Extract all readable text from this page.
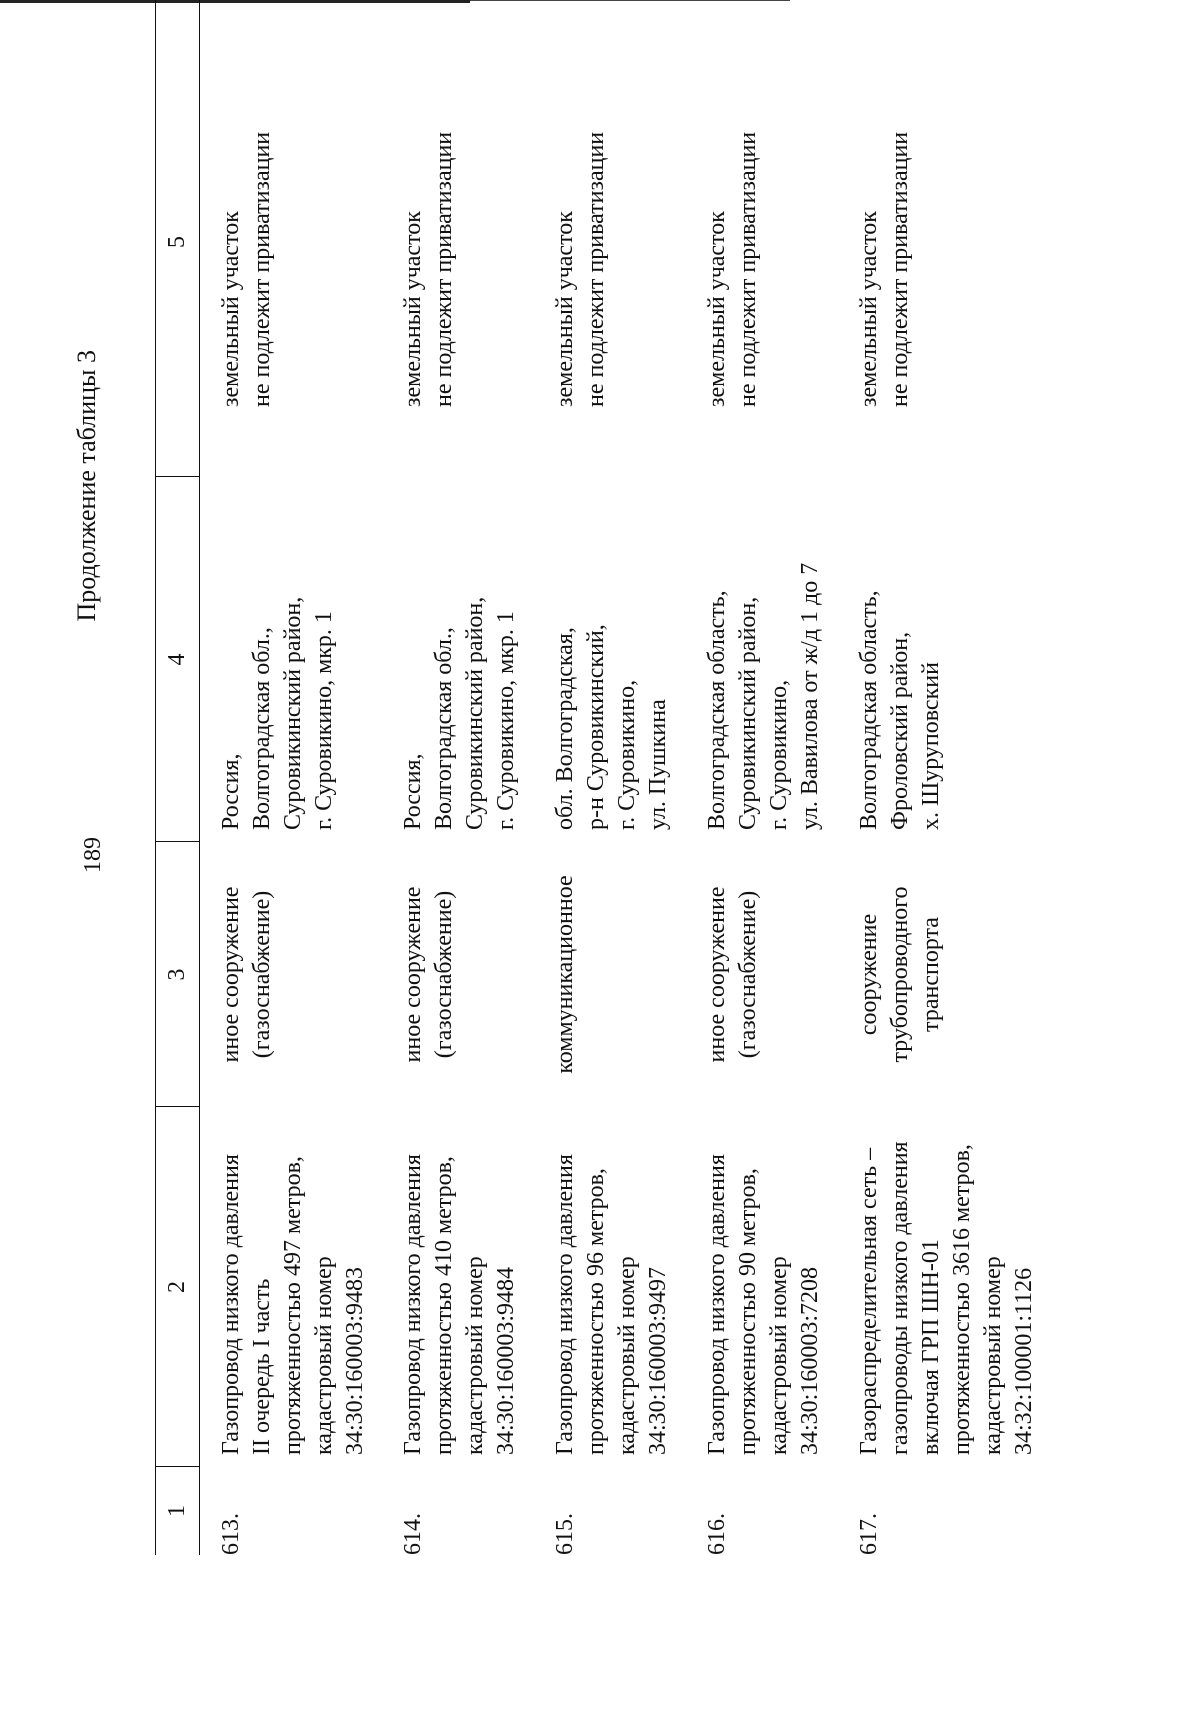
189
Продолжение таблицы 3
1
2
3
4
5
613.
Газопровод низкого давления II очередь I часть протяженностью 497 метров, кадастровый номер 34:30:160003:9483
иное сооружение (газоснабжение)
Россия, Волгоградская обл., Суровикинский район, г. Суровикино, мкр. 1
земельный участок не подлежит приватизации
614.
Газопровод низкого давления протяженностью 410 метров, кадастровый номер 34:30:160003:9484
иное сооружение (газоснабжение)
Россия, Волгоградская обл., Суровикинский район, г. Суровикино, мкр. 1
земельный участок не подлежит приватизации
615.
Газопровод низкого давления протяженностью 96 метров, кадастровый номер 34:30:160003:9497
коммуникационное
обл. Волгоградская, р-н Суровикинский, г. Суровикино, ул. Пушкина
земельный участок не подлежит приватизации
616.
Газопровод низкого давления протяженностью 90 метров, кадастровый номер 34:30:160003:7208
иное сооружение (газоснабжение)
Волгоградская область, Суровикинский район, г. Суровикино, ул. Вавилова от ж/д 1 до 7
земельный участок не подлежит приватизации
617.
Газораспределительная сеть – газопроводы низкого давления включая ГРП ШН-01 протяженностью 3616 метров, кадастровый номер 34:32:100001:1126
сооружение трубопроводного транспорта
Волгоградская область, Фроловский район, х. Шуруповский
земельный участок не подлежит приватизации
